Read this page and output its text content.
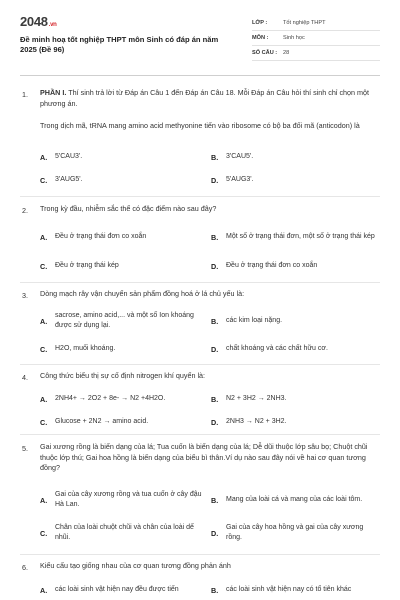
2048.vn
Đề minh hoạ tốt nghiệp THPT môn Sinh có đáp án năm 2025 (Đề 96)
LỚP :	Tốt nghiệp THPT
MÔN :	Sinh học
SỐ CÂU :	28
1. PHẦN I. Thí sinh trả lời từ Đáp án Câu 1 đến Đáp án Câu 18. Mỗi Đáp án Câu hỏi thí sinh chỉ chọn một phương án.
Trong dịch mã, tRNA mang amino acid methyonine tiến vào ribosome có bộ ba đối mã (anticodon) là
A.	5'CAU3'.	B.	3'CAU5'.
C.	3'AUG5'.	D.	5'AUG3'.
2. Trong kỳ đầu, nhiễm sắc thể có đặc điểm nào sau đây?
A.	Đều ở trạng thái đơn co xoắn	B.	Một số ở trạng thái đơn, một số ở trạng thái kép
C.	Đều ở trạng thái kép	D.	Đều ở trạng thái đơn co xoắn
3. Dòng mạch rây vận chuyển sản phẩm đồng hoá ở lá chủ yếu là:
A.
sacrose, amino acid,... và một số Ion khoáng được sử dụng lại.	B.	các kim loại nặng.
C.	H2O, muối khoáng.	D.	chất khoáng và các chất hữu cơ.
4. Công thức biểu thị sự cố định nitrogen khí quyển là:
A.	2NH4+ → 2O2 + 8e- → N2 +4H2O.	B.	N2 + 3H2 → 2NH3.
C.	Glucose + 2N2 → amino acid.	D.	2NH3 → N2 + 3H2.
5. Gai xương rồng là biến dạng của lá; Tua cuốn là biến dạng của lá; Dễ dũi thuộc lớp sâu bọ; Chuột chũi thuộc lớp thú; Gai hoa hồng là biến dạng của biểu bì thân.Ví dụ nào sau đây nói về hai cơ quan tương đồng?
A.
Gai của cây xương rồng và tua cuốn ở cây đậu Hà Lan.	B.	Mang của loài cá và mang của các loài tôm.
C.
Chân của loài chuột chũi và chân của loài dế nhũi.	D.
Gai của cây hoa hồng và gai của cây xương rồng.
6. Kiểu cấu tạo giống nhau của cơ quan tương đồng phản ánh
A.	các loài sinh vật hiện nay đều được tiến	B.	các loài sinh vật hiện nay có tổ tiên khác
